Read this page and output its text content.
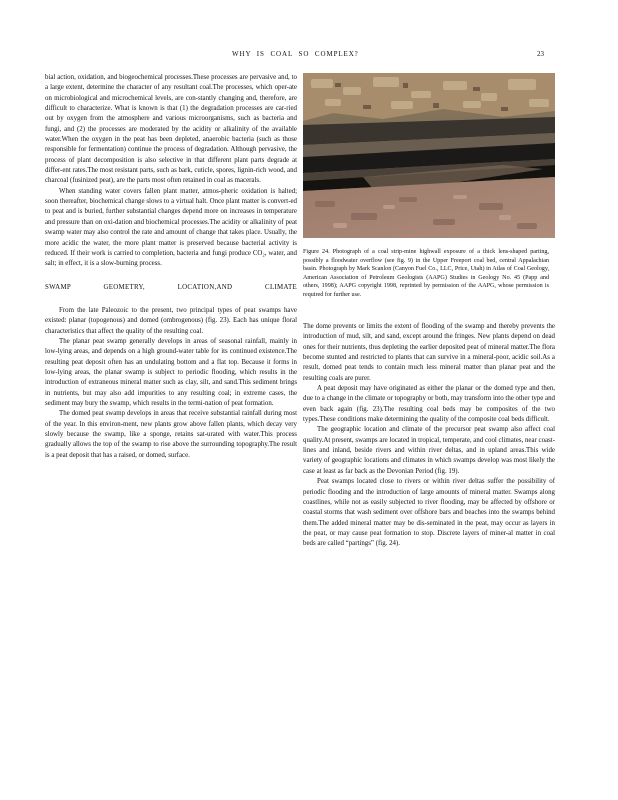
WHY IS COAL SO COMPLEX?	23

bial action, oxidation, and biogeochemical processes.These processes are pervasive and, to a large extent, determine the character of any resultant coal.The processes, which oper-ate on microbiological and microchemical levels, are con-stantly changing and, therefore, are difficult to characterize. What is known is that (1) the degradation processes are car-ried out by oxygen from the atmosphere and various microorganisms, such as bacteria and fungi, and (2) the processes are moderated by the acidity or alkalinity of the available water.When the oxygen in the peat has been depleted, anaerobic bacteria (such as those responsible for fermentation) continue the process of degradation. Although pervasive, the process of plant decomposition is also selective in that different plant parts degrade at differ-ent rates.The most resistant parts, such as bark, cuticle, spores, lignin-rich wood, and charcoal (fusinized peat), are the parts most often retained in coal as macerals.

When standing water covers fallen plant matter, atmos-pheric oxidation is halted; soon thereafter, biochemical change slows to a virtual halt. Once plant matter is convert-ed to peat and is buried, further substantial changes depend more on increases in temperature and pressure than on oxi-dation and biochemical processes.The acidity or alkalinity of peat swamp water may also control the rate and amount of change that takes place. Usually, the more acidic the water, the more plant matter is preserved because bacterial activity is reduced. If their work is carried to completion, bacteria and fungi produce CO₂, water, and salt; in effect, it is a slow-burning process.

SWAMP GEOMETRY, LOCATION,AND CLIMATE

From the late Paleozoic to the present, two principal types of peat swamps have existed: planar (topogenous) and domed (ombrogenous) (fig. 23). Each has unique floral characteristics that affect the quality of the resulting coal.

The planar peat swamp generally develops in areas of seasonal rainfall, mainly in low-lying areas, and depends on a high ground-water table for its continued existence.The resulting peat deposit often has an undulating bottom and a flat top. Because it forms in low-lying areas, the planar swamp is subject to periodic flooding, which results in the introduction of extraneous mineral matter such as clay, silt, and sand.This sediment brings in nutrients, but may also add impurities to any resulting coal; in extreme cases, the sediment may bury the swamp, which results in the termi-nation of peat formation.

The domed peat swamp develops in areas that receive substantial rainfall during most of the year. In this environ-ment, new plants grow above fallen plants, which decay very slowly because the swamp, like a sponge, retains sat-urated with water.This process gradually allows the top of the swamp to rise above the surrounding topography.The result is a peat deposit that has a raised, or domed, surface.

Figure 24. Photograph of a coal strip-mine highwall exposure of a thick lens-shaped parting, possibly a floodwater overflow (see fig. 9) in the Upper Freeport coal bed, central Appalachian basin. Photograph by Mark Scanlon (Canyon Fuel Co., LLC, Price, Utah) in Atlas of Coal Geology, American Association of Petroleum Geologists (AAPG) Studies in Geology No. 45 (Papp and others, 1998); AAPG copyright 1998, reprinted by permission of the AAPG, whose permission is required for further use.

The dome prevents or limits the extent of flooding of the swamp and thereby prevents the introduction of mud, silt, and sand, except around the fringes. New plants depend on dead ones for their nutrients, thus depleting the earlier deposited peat of mineral matter.The flora become stunted and restricted to plants that can survive in a mineral-poor, acidic soil.As a result, domed peat tends to contain much less mineral matter than planar peat and the resulting coals are purer.

A peat deposit may have originated as either the planar or the domed type and then, due to a change in the climate or topography or both, may transform into the other type and even back again (fig. 23).The resulting coal beds may be composites of the two types.These conditions make determining the quality of the composite coal beds difficult.

The geographic location and climate of the precursor peat swamp also affect coal quality.At present, swamps are located in tropical, temperate, and cool climates, near coast-lines and inland, beside rivers and within river deltas, and in upland areas.This wide variety of geographic locations and climates in which swamps develop was most likely the case at least as far back as the Devonian Period (fig. 19).

Peat swamps located close to rivers or within river deltas suffer the possibility of periodic flooding and the introduction of large amounts of mineral matter. Swamps along coastlines, while not as easily subjected to river flooding, may be affected by offshore or coastal storms that wash sediment over offshore bars and beaches into the swamps behind them.The added mineral matter may be dis-seminated in the peat, may occur as layers in the peat, or may cause peat formation to stop. Discrete layers of miner-al matter in coal beds are called “partings” (fig. 24).
